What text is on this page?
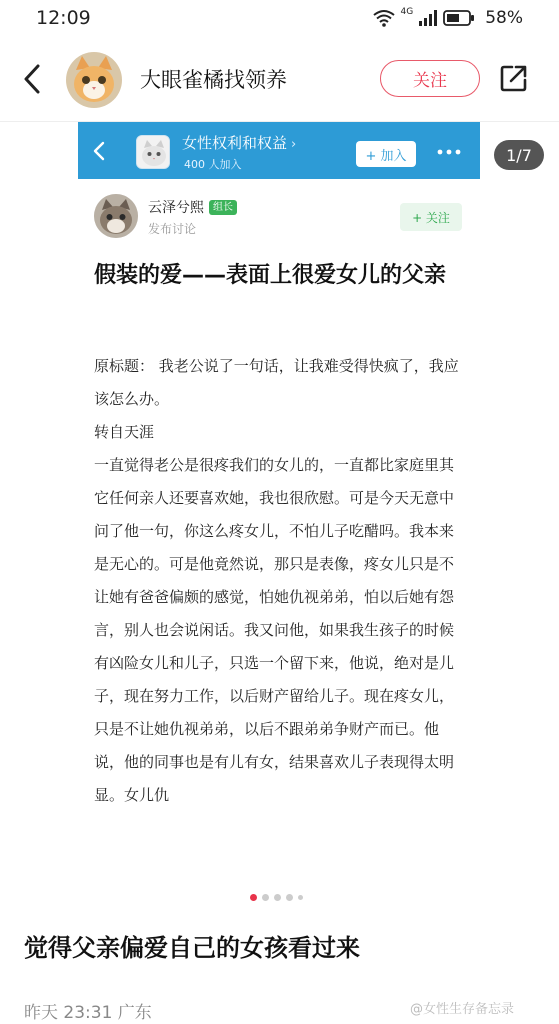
12:09	4G	58%
大眼雀橘找领养	关注
女性权利和权益 ›
400 人加入
+ 加入
云泽兮熙 组长
发布讨论
+ 关注
假装的爱——表面上很爱女儿的父亲

原标题： 我老公说了一句话，让我难受得快疯了，我应该怎么办。

转自天涯

一直觉得老公是很疼我们的女儿的，一直都比家庭里其它任何亲人还要喜欢她，我也很欣慰。可是今天无意中问了他一句，你这么疼女儿，不怕儿子吃醋吗。我本来是无心的。可是他竟然说，那只是表像，疼女儿只是不让她有爸爸偏颇的感觉，怕她仇视弟弟，怕以后她有怨言，别人也会说闲话。我又问他，如果我生孩子的时候有凶险女儿和儿子，只选一个留下来，他说，绝对是儿子，现在努力工作，以后财产留给儿子。现在疼女儿，只是不让她仇视弟弟，以后不跟弟弟争财产而已。他说，他的同事也是有儿有女，结果喜欢儿子表现得太明显。女儿仇

1/7
觉得父亲偏爱自己的女孩看过来
昨天 23:31 广东	@女性生存备忘录
